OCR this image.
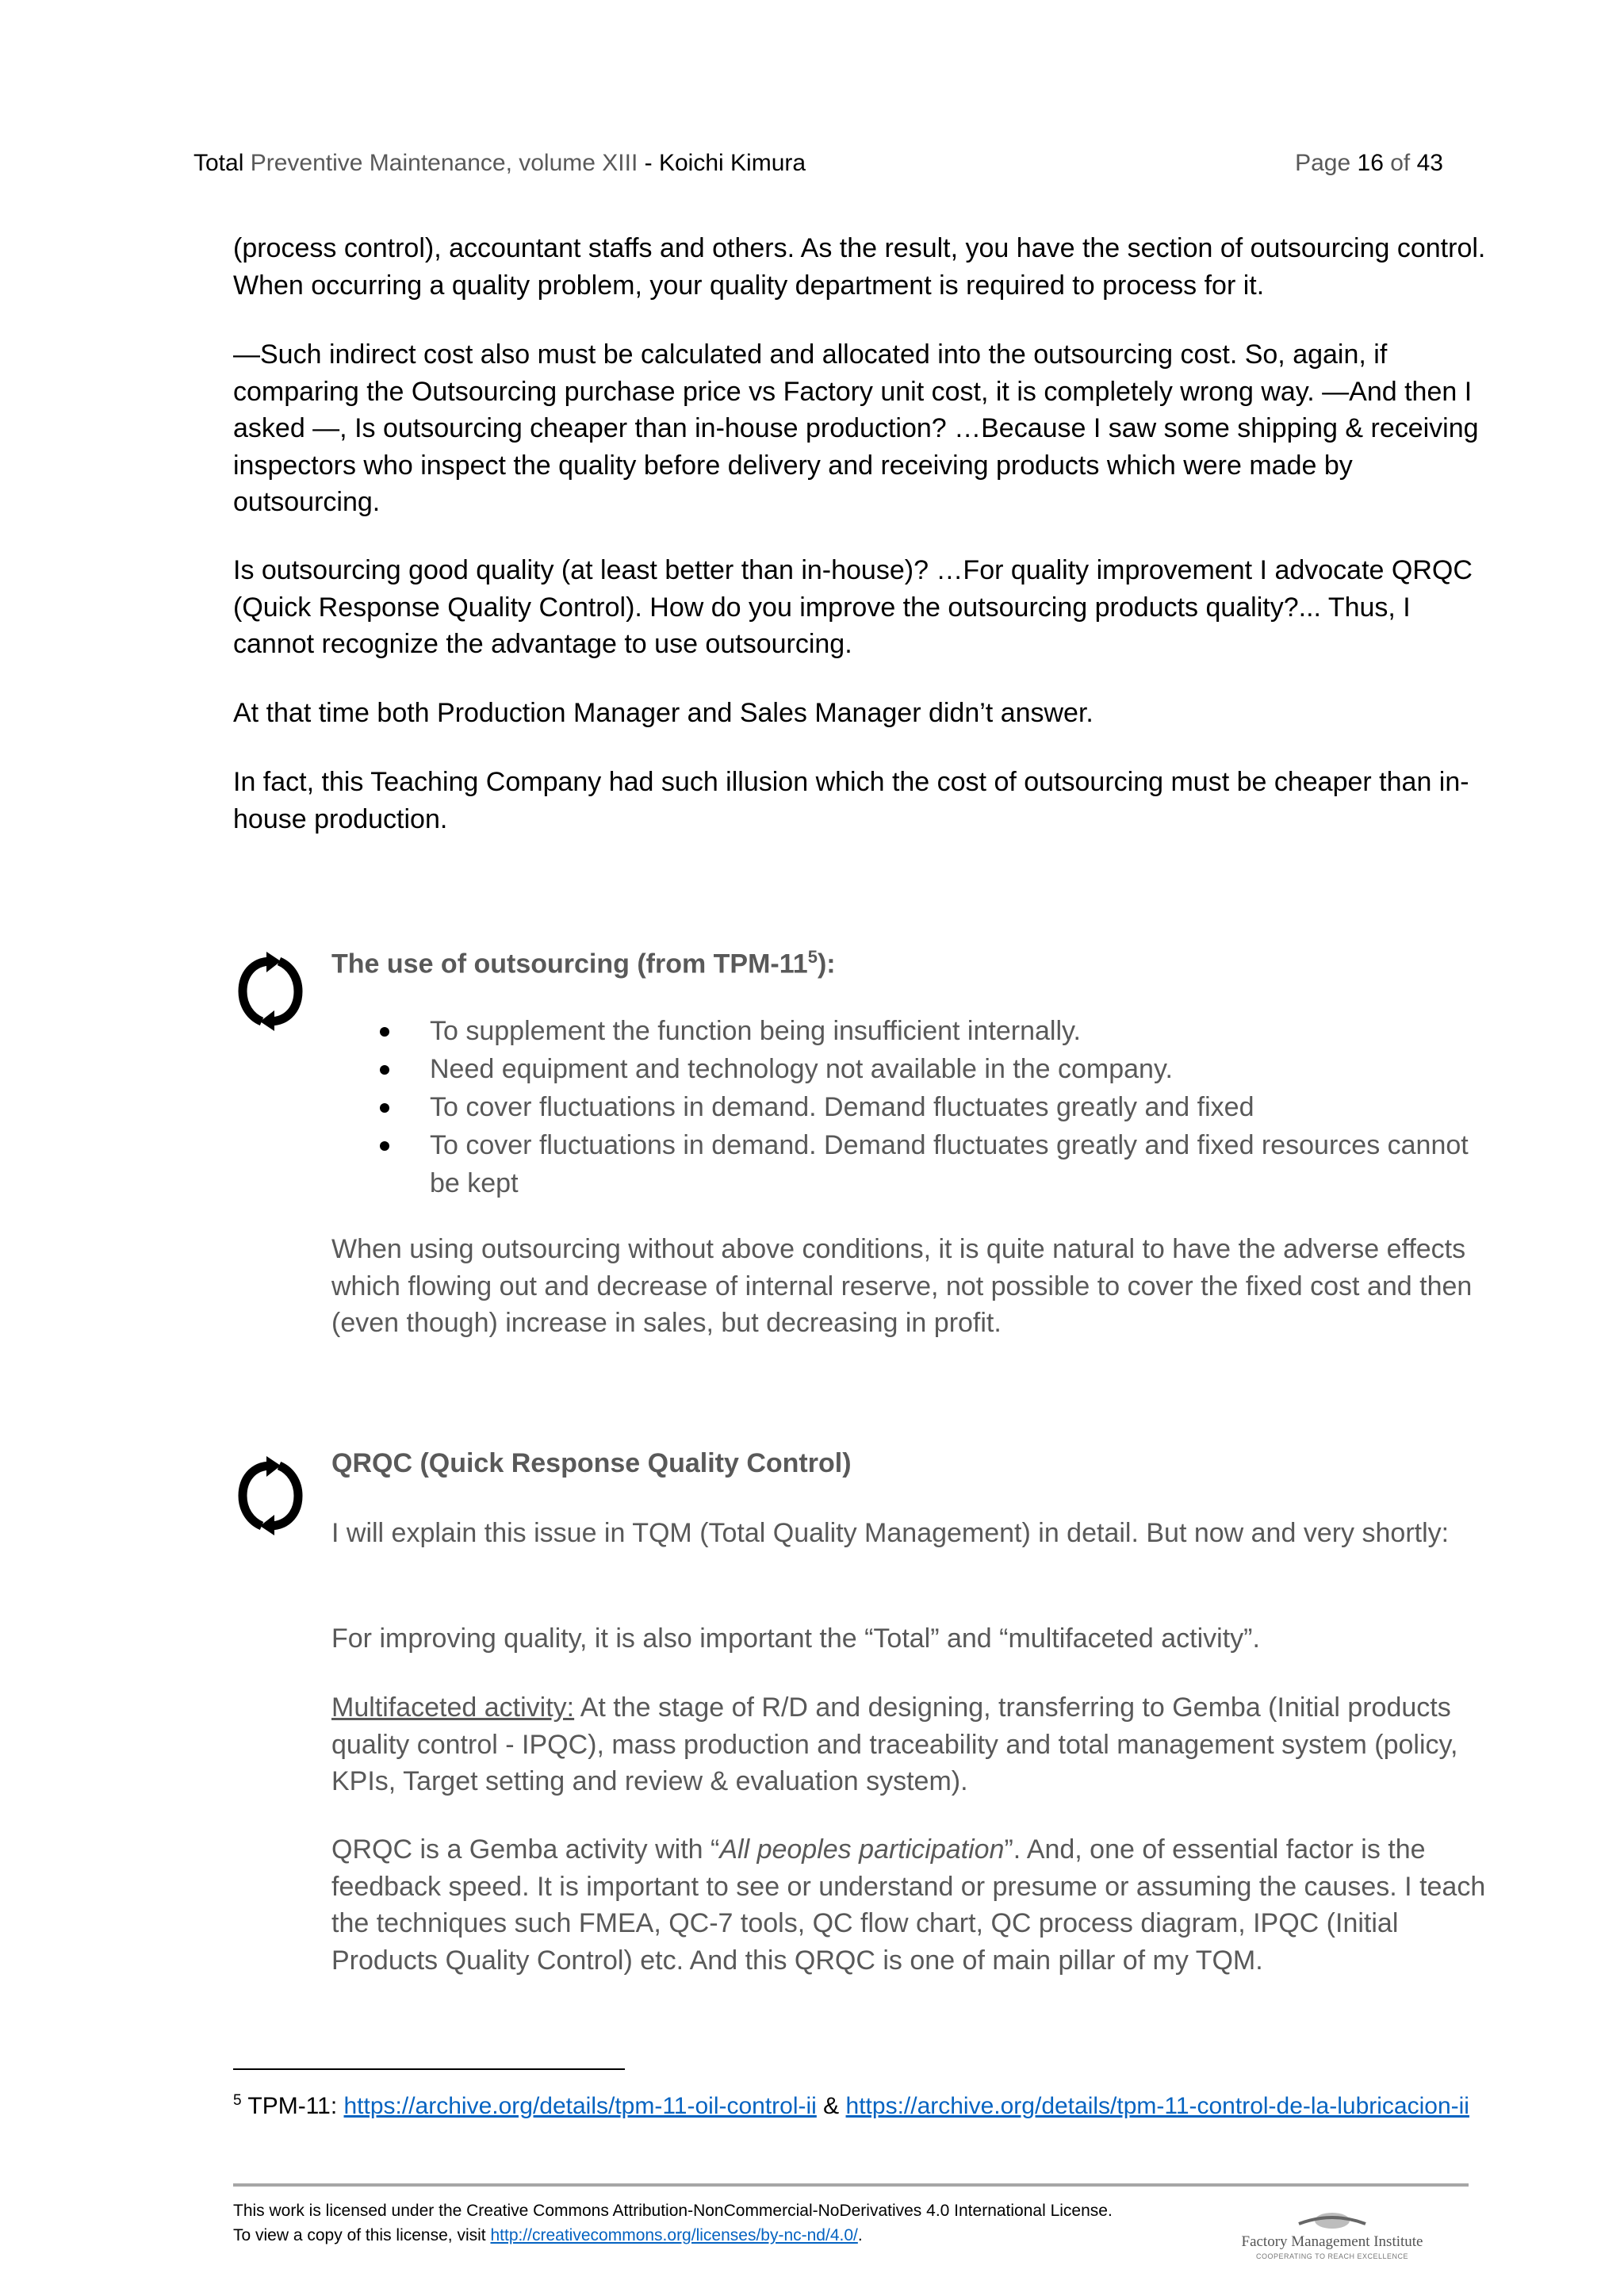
Total Preventive Maintenance, volume XIII - Koichi Kimura	Page 16 of 43

(process control), accountant staffs and others. As the result, you have the section of outsourcing control. When occurring a quality problem, your quality department is required to process for it.

—Such indirect cost also must be calculated and allocated into the outsourcing cost. So, again, if comparing the Outsourcing purchase price vs Factory unit cost, it is completely wrong way. —And then I asked —, Is outsourcing cheaper than in-house production? …Because I saw some shipping & receiving inspectors who inspect the quality before delivery and receiving products which were made by outsourcing.

Is outsourcing good quality (at least better than in-house)? …For quality improvement I advocate QRQC (Quick Response Quality Control). How do you improve the outsourcing products quality?... Thus, I cannot recognize the advantage to use outsourcing.

At that time both Production Manager and Sales Manager didn’t answer.

In fact, this Teaching Company had such illusion which the cost of outsourcing must be cheaper than in-house production.

The use of outsourcing (from TPM-$11^5$):

To supplement the function being insufficient internally.
Need equipment and technology not available in the company.
To cover fluctuations in demand. Demand fluctuates greatly and fixed
To cover fluctuations in demand. Demand fluctuates greatly and fixed resources cannot be kept

When using outsourcing without above conditions, it is quite natural to have the adverse effects which flowing out and decrease of internal reserve, not possible to cover the fixed cost and then (even though) increase in sales, but decreasing in profit.

QRQC (Quick Response Quality Control)

I will explain this issue in TQM (Total Quality Management) in detail. But now and very shortly:

For improving quality, it is also important the “Total” and “multifaceted activity”.

Multifaceted activity: At the stage of R/D and designing, transferring to Gemba (Initial products quality control - IPQC), mass production and traceability and total management system (policy, KPIs, Target setting and review & evaluation system).

QRQC is a Gemba activity with “All peoples participation”. And, one of essential factor is the feedback speed. It is important to see or understand or presume or assuming the causes. I teach the techniques such FMEA, QC-7 tools, QC flow chart, QC process diagram, IPQC (Initial Products Quality Control) etc. And this QRQC is one of main pillar of my TQM.

$^5$ TPM-11: https://archive.org/details/tpm-11-oil-control-ii & https://archive.org/details/tpm-11-control-de-la-lubricacion-ii

This work is licensed under the Creative Commons Attribution-NonCommercial-NoDerivatives 4.0 International License.

To view a copy of this license, visit http://creativecommons.org/licenses/by-nc-nd/4.0/.	Factory Management Institute
COOPERATING TO REACH EXCELLENCE
